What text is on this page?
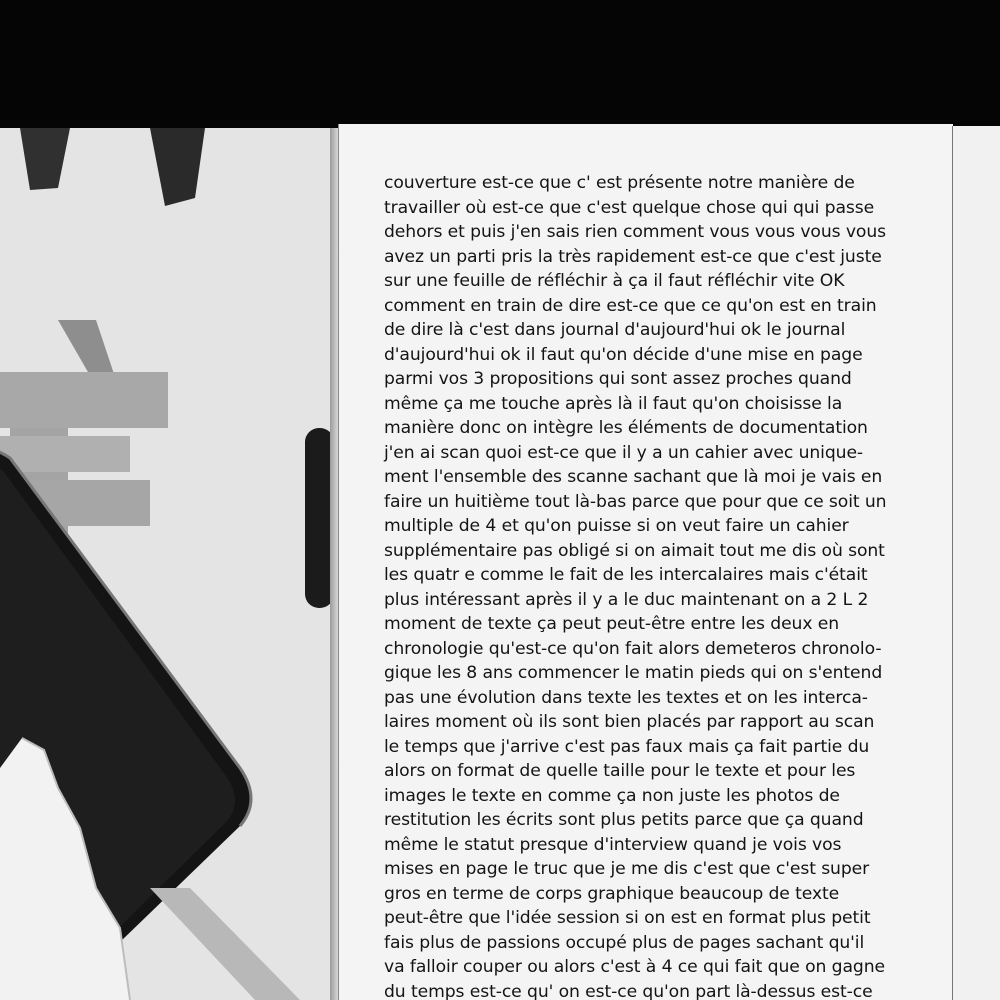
couverture est-ce que c' est présente notre manière de
travailler où est-ce que c'est quelque chose qui qui passe
dehors et puis j'en sais rien comment vous vous vous vous
avez un parti pris la très rapidement est-ce que c'est juste
sur une feuille de réfléchir à ça il faut réfléchir vite OK
comment en train de dire est-ce que ce qu'on est en train
de dire là c'est dans journal d'aujourd'hui ok le journal
d'aujourd'hui ok il faut qu'on décide d'une mise en page
parmi vos 3 propositions qui sont assez proches quand
même ça me touche après là il faut qu'on choisisse la
manière donc on intègre les éléments de documentation
j'en ai scan quoi est-ce que il y a un cahier avec unique-
ment l'ensemble des scanne sachant que là moi je vais en
faire un huitième tout là-bas parce que pour que ce soit un
multiple de 4 et qu'on puisse si on veut faire un cahier
supplémentaire pas obligé si on aimait tout me dis où sont
les quatr e comme le fait de les intercalaires mais c'était
plus intéressant après il y a le duc maintenant on a 2 L 2
moment de texte ça peut peut-être entre les deux en
chronologie qu'est-ce qu'on fait alors demeteros chronolo-
gique les 8 ans commencer le matin pieds qui on s'entend
pas une évolution dans texte les textes et on les interca-
laires moment où ils sont bien placés par rapport au scan
le temps que j'arrive c'est pas faux mais ça fait partie du
alors on format de quelle taille pour le texte et pour les
images le texte en comme ça non juste les photos de
restitution les écrits sont plus petits parce que ça quand
même le statut presque d'interview quand je vois vos
mises en page le truc que je me dis c'est que c'est super
gros en terme de corps graphique beaucoup de texte
peut-être que l'idée session si on est en format plus petit
fais plus de passions occupé plus de pages sachant qu'il
va falloir couper ou alors c'est à 4 ce qui fait que on gagne
du temps est-ce qu' on est-ce qu'on part là-dessus est-ce
